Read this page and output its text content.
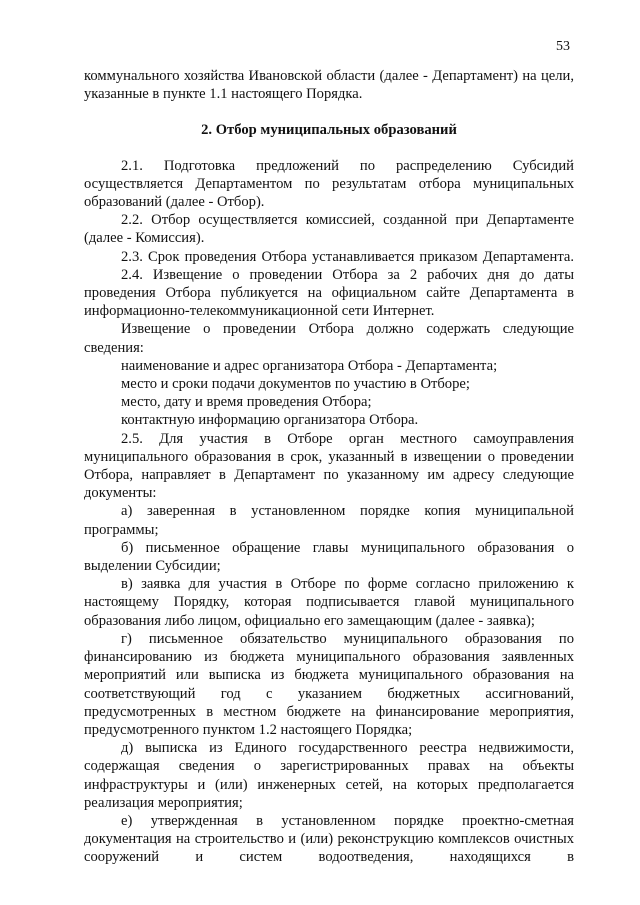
53

коммунального хозяйства Ивановской области (далее - Департамент) на цели, указанные в пункте 1.1 настоящего Порядка.

2. Отбор муниципальных образований

2.1. Подготовка предложений по распределению Субсидий осуществляется Департаментом по результатам отбора муниципальных образований (далее - Отбор).

2.2. Отбор осуществляется комиссией, созданной при Департаменте (далее - Комиссия).

2.3. Срок проведения Отбора устанавливается приказом Департамента.

2.4. Извещение о проведении Отбора за 2 рабочих дня до даты проведения Отбора публикуется на официальном сайте Департамента в информационно-телекоммуникационной сети Интернет.

Извещение о проведении Отбора должно содержать следующие сведения:

наименование и адрес организатора Отбора - Департамента;

место и сроки подачи документов по участию в Отборе;

место, дату и время проведения Отбора;

контактную информацию организатора Отбора.

2.5. Для участия в Отборе орган местного самоуправления муниципального образования в срок, указанный в извещении о проведении Отбора, направляет в Департамент по указанному им адресу следующие документы:

а) заверенная в установленном порядке копия муниципальной программы;

б) письменное обращение главы муниципального образования о выделении Субсидии;

в) заявка для участия в Отборе по форме согласно приложению к настоящему Порядку, которая подписывается главой муниципального образования либо лицом, официально его замещающим (далее - заявка);

г) письменное обязательство муниципального образования по финансированию из бюджета муниципального образования заявленных мероприятий или выписка из бюджета муниципального образования на соответствующий год с указанием бюджетных ассигнований, предусмотренных в местном бюджете на финансирование мероприятия, предусмотренного пунктом 1.2 настоящего Порядка;

д) выписка из Единого государственного реестра недвижимости, содержащая сведения о зарегистрированных правах на объекты инфраструктуры и (или) инженерных сетей, на которых предполагается реализация мероприятия;

е) утвержденная в установленном порядке проектно-сметная документация на строительство и (или) реконструкцию комплексов очистных сооружений и систем водоотведения, находящихся в
